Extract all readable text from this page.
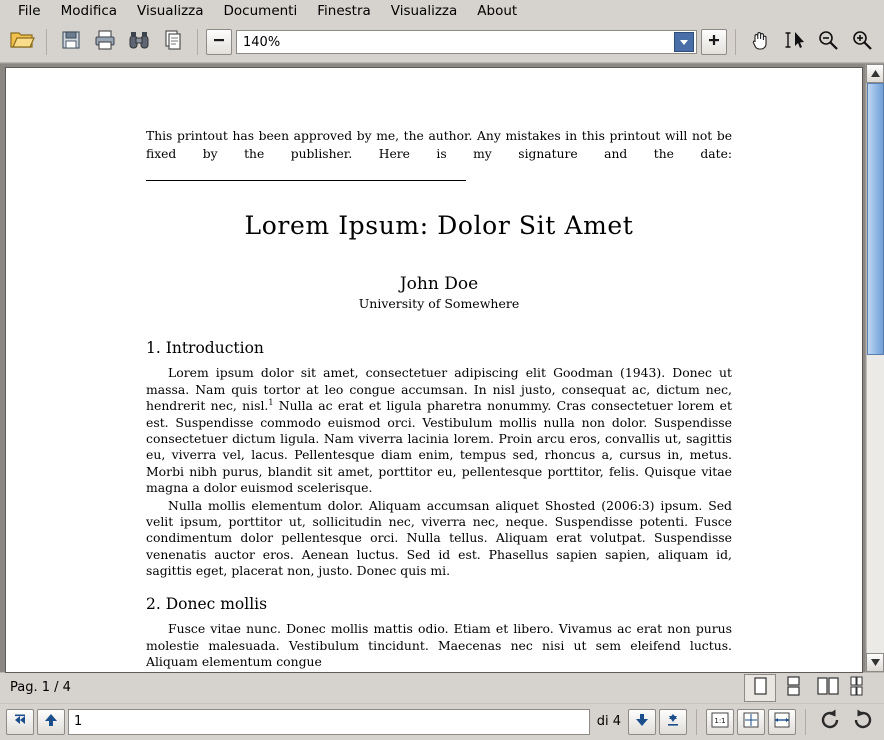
File	Modifica	Visualizza	Documenti	Finestra	Visualizza	About
140%
This printout has been approved by me, the author. Any mistakes in this printout will not be fixed by the publisher. Here is my signature and the date:
Lorem Ipsum: Dolor Sit Amet
John Doe
University of Somewhere
1. Introduction
Lorem ipsum dolor sit amet, consectetuer adipiscing elit Goodman (1943). Donec ut massa. Nam quis tortor at leo congue accumsan. In nisl justo, consequat ac, dictum nec, hendrerit nec, nisl.$^1$ Nulla ac erat et ligula pharetra nonummy. Cras consectetuer lorem et est. Suspendisse commodo euismod orci. Vestibulum mollis nulla non dolor. Suspendisse consectetuer dictum ligula. Nam viverra lacinia lorem. Proin arcu eros, convallis ut, sagittis eu, viverra vel, lacus. Pellentesque diam enim, tempus sed, rhoncus a, cursus in, metus. Morbi nibh purus, blandit sit amet, porttitor eu, pellentesque porttitor, felis. Quisque vitae magna a dolor euismod scelerisque.
Nulla mollis elementum dolor. Aliquam accumsan aliquet Shosted (2006:3) ipsum. Sed velit ipsum, porttitor ut, sollicitudin nec, viverra nec, neque. Suspendisse potenti. Fusce condimentum dolor pellentesque orci. Nulla tellus. Aliquam erat volutpat. Suspendisse venenatis auctor eros. Aenean luctus. Sed id est. Phasellus sapien sapien, aliquam id, sagittis eget, placerat non, justo. Donec quis mi.
2. Donec mollis
Fusce vitae nunc. Donec mollis mattis odio. Etiam et libero. Vivamus ac erat non purus molestie malesuada. Vestibulum tincidunt. Maecenas nec nisi ut sem eleifend luctus. Aliquam elementum congue
Pag. 1 / 4
1
di 4	1:1
